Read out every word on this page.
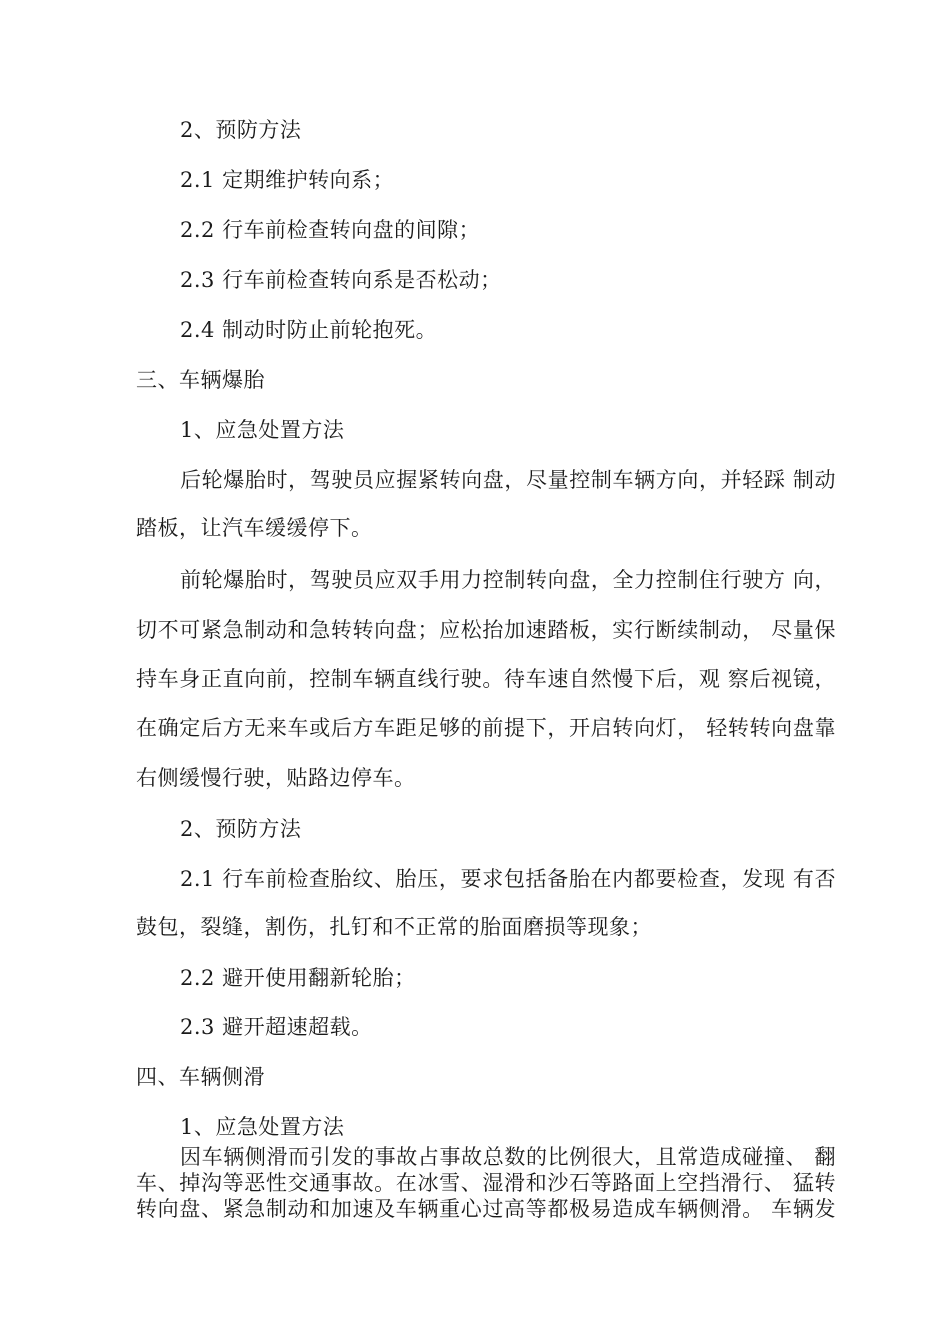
2、预防方法
2.1 定期维护转向系；
2.2 行车前检查转向盘的间隙；
2.3 行车前检查转向系是否松动；
2.4 制动时防止前轮抱死。
三、车辆爆胎
1、应急处置方法
后轮爆胎时，驾驶员应握紧转向盘，尽量控制车辆方向，并轻踩 制动
踏板，让汽车缓缓停下。
前轮爆胎时，驾驶员应双手用力控制转向盘，全力控制住行驶方 向，
切不可紧急制动和急转转向盘；应松抬加速踏板，实行断续制动， 尽量保
持车身正直向前，控制车辆直线行驶。待车速自然慢下后，观 察后视镜，
在确定后方无来车或后方车距足够的前提下，开启转向灯， 轻转转向盘靠
右侧缓慢行驶，贴路边停车。
2、预防方法
2.1 行车前检查胎纹、胎压，要求包括备胎在内都要检查，发现 有否
鼓包，裂缝，割伤，扎钉和不正常的胎面磨损等现象；
2.2 避开使用翻新轮胎；
2.3 避开超速超载。
四、车辆侧滑
1、应急处置方法
因车辆侧滑而引发的事故占事故总数的比例很大，且常造成碰撞、 翻
车、掉沟等恶性交通事故。在冰雪、湿滑和沙石等路面上空挡滑行、 猛转
转向盘、紧急制动和加速及车辆重心过高等都极易造成车辆侧滑。 车辆发
